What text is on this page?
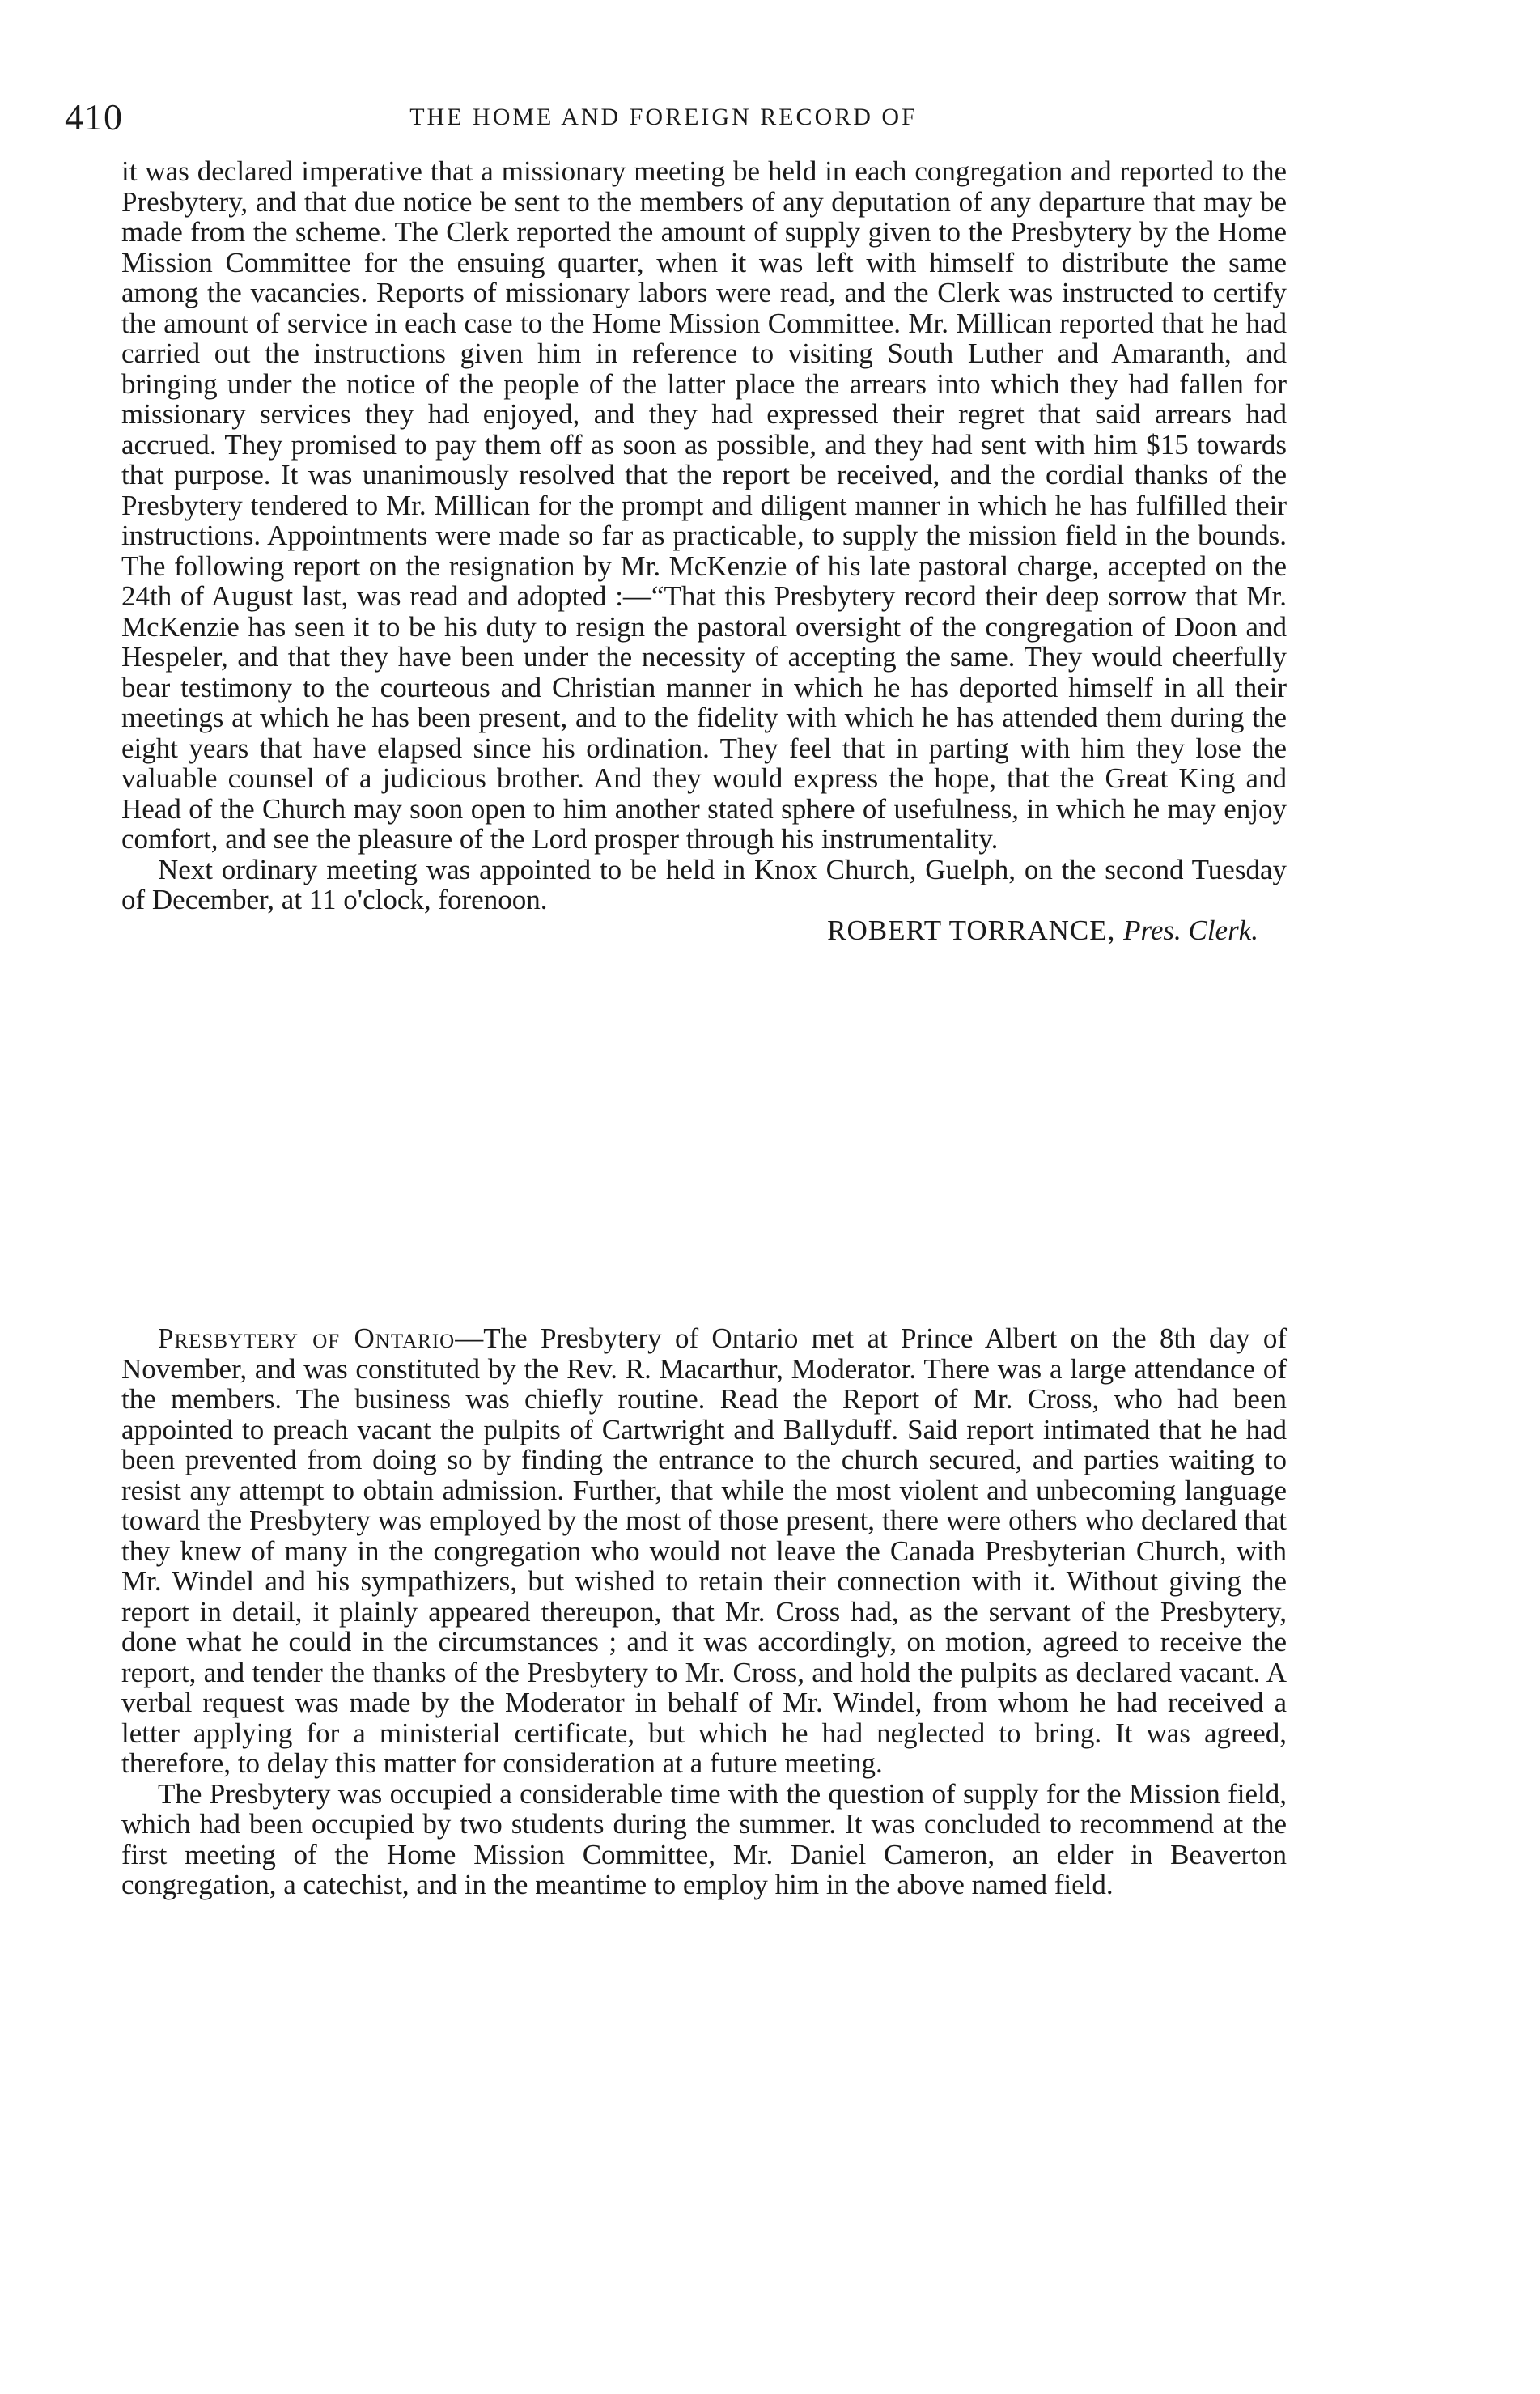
410	THE HOME AND FOREIGN RECORD OF

it was declared imperative that a missionary meeting be held in each congregation and reported to the Presbytery, and that due notice be sent to the members of any deputation of any departure that may be made from the scheme. The Clerk reported the amount of supply given to the Presbytery by the Home Mission Committee for the ensuing quarter, when it was left with himself to distribute the same among the vacancies. Reports of missionary labors were read, and the Clerk was instructed to certify the amount of service in each case to the Home Mission Committee. Mr. Millican reported that he had carried out the instructions given him in reference to visiting South Luther and Amaranth, and bringing under the notice of the people of the latter place the arrears into which they had fallen for missionary services they had enjoyed, and they had expressed their regret that said arrears had accrued. They promised to pay them off as soon as possible, and they had sent with him $15 towards that purpose. It was unanimously resolved that the report be received, and the cordial thanks of the Presbytery tendered to Mr. Millican for the prompt and diligent manner in which he has fulfilled their instructions. Appointments were made so far as practicable, to supply the mission field in the bounds. The following report on the resignation by Mr. McKenzie of his late pastoral charge, accepted on the 24th of August last, was read and adopted :—“That this Presbytery record their deep sorrow that Mr. McKenzie has seen it to be his duty to resign the pastoral oversight of the congregation of Doon and Hespeler, and that they have been under the necessity of accepting the same. They would cheerfully bear testimony to the courteous and Christian manner in which he has deported himself in all their meetings at which he has been present, and to the fidelity with which he has attended them during the eight years that have elapsed since his ordination. They feel that in parting with him they lose the valuable counsel of a judicious brother. And they would express the hope, that the Great King and Head of the Church may soon open to him another stated sphere of usefulness, in which he may enjoy comfort, and see the pleasure of the Lord prosper through his instrumentality.

Next ordinary meeting was appointed to be held in Knox Church, Guelph, on the second Tuesday of December, at 11 o'clock, forenoon.

ROBERT TORRANCE, Pres. Clerk.

Presbytery of Ontario—The Presbytery of Ontario met at Prince Albert on the 8th day of November, and was constituted by the Rev. R. Macarthur, Moderator. There was a large attendance of the members. The business was chiefly routine. Read the Report of Mr. Cross, who had been appointed to preach vacant the pulpits of Cartwright and Ballyduff. Said report intimated that he had been prevented from doing so by finding the entrance to the church secured, and parties waiting to resist any attempt to obtain admission. Further, that while the most violent and unbecoming language toward the Presbytery was employed by the most of those present, there were others who declared that they knew of many in the congregation who would not leave the Canada Presbyterian Church, with Mr. Windel and his sympathizers, but wished to retain their connection with it. Without giving the report in detail, it plainly appeared thereupon, that Mr. Cross had, as the servant of the Presbytery, done what he could in the circumstances ; and it was accordingly, on motion, agreed to receive the report, and tender the thanks of the Presbytery to Mr. Cross, and hold the pulpits as declared vacant. A verbal request was made by the Moderator in behalf of Mr. Windel, from whom he had received a letter applying for a ministerial certificate, but which he had neglected to bring. It was agreed, therefore, to delay this matter for consideration at a future meeting.

The Presbytery was occupied a considerable time with the question of supply for the Mission field, which had been occupied by two students during the summer. It was concluded to recommend at the first meeting of the Home Mission Committee, Mr. Daniel Cameron, an elder in Beaverton congregation, a catechist, and in the meantime to employ him in the above named field.
